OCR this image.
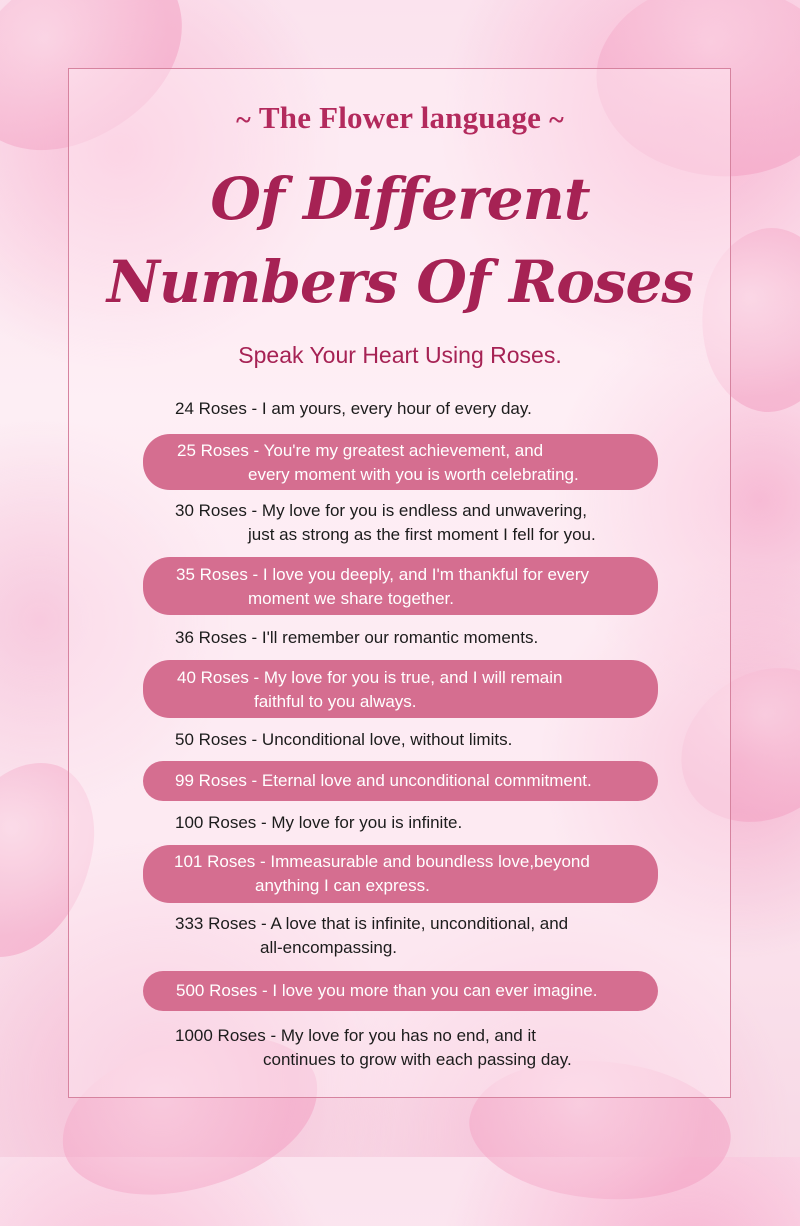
~ The Flower language ~
Of Different
Numbers Of Roses
Speak Your Heart Using Roses.
24 Roses - I am yours, every hour of every day.
25 Roses - You're my greatest achievement, and
every moment with you is worth celebrating.
30 Roses - My love for you is endless and unwavering,
just as strong as the first moment I fell for you.
35 Roses - I love you deeply, and I'm thankful for every
moment we share together.
36 Roses - I'll remember our romantic moments.
40 Roses - My love for you is true, and I will remain
faithful to you always.
50 Roses - Unconditional love, without limits.
99 Roses - Eternal love and unconditional commitment.
100 Roses - My love for you is infinite.
101 Roses - Immeasurable and boundless love,beyond
anything I can express.
333 Roses - A love that is infinite, unconditional, and
all-encompassing.
500 Roses - I love you more than you can ever imagine.
1000 Roses - My love for you has no end, and it
continues to grow with each passing day.
